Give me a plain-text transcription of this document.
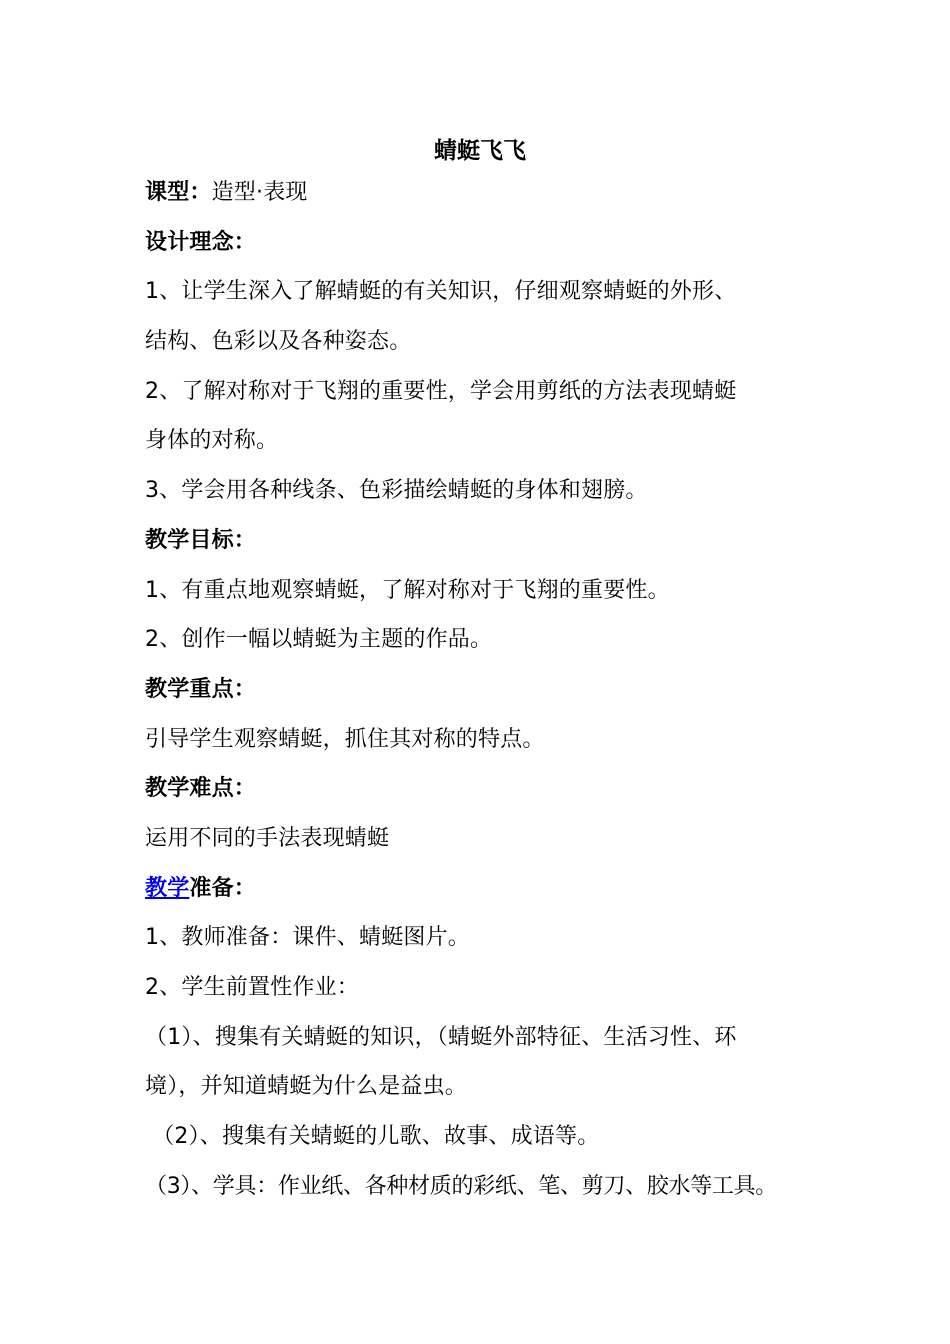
蜻蜓飞飞

课型：造型·表现

设计理念：

1、让学生深入了解蜻蜓的有关知识，仔细观察蜻蜓的外形、

结构、色彩以及各种姿态。

2、了解对称对于飞翔的重要性，学会用剪纸的方法表现蜻蜓

身体的对称。

3、学会用各种线条、色彩描绘蜻蜓的身体和翅膀。

教学目标：

1、有重点地观察蜻蜓，了解对称对于飞翔的重要性。

2、创作一幅以蜻蜓为主题的作品。

教学重点：

引导学生观察蜻蜓，抓住其对称的特点。

教学难点：

运用不同的手法表现蜻蜓

教学准备：

1、教师准备：课件、蜻蜓图片。

2、学生前置性作业：

（1）、搜集有关蜻蜓的知识，（蜻蜓外部特征、生活习性、环

境），并知道蜻蜓为什么是益虫。

（2）、搜集有关蜻蜓的儿歌、故事、成语等。

（3）、学具：作业纸、各种材质的彩纸、笔、剪刀、胶水等工具。
